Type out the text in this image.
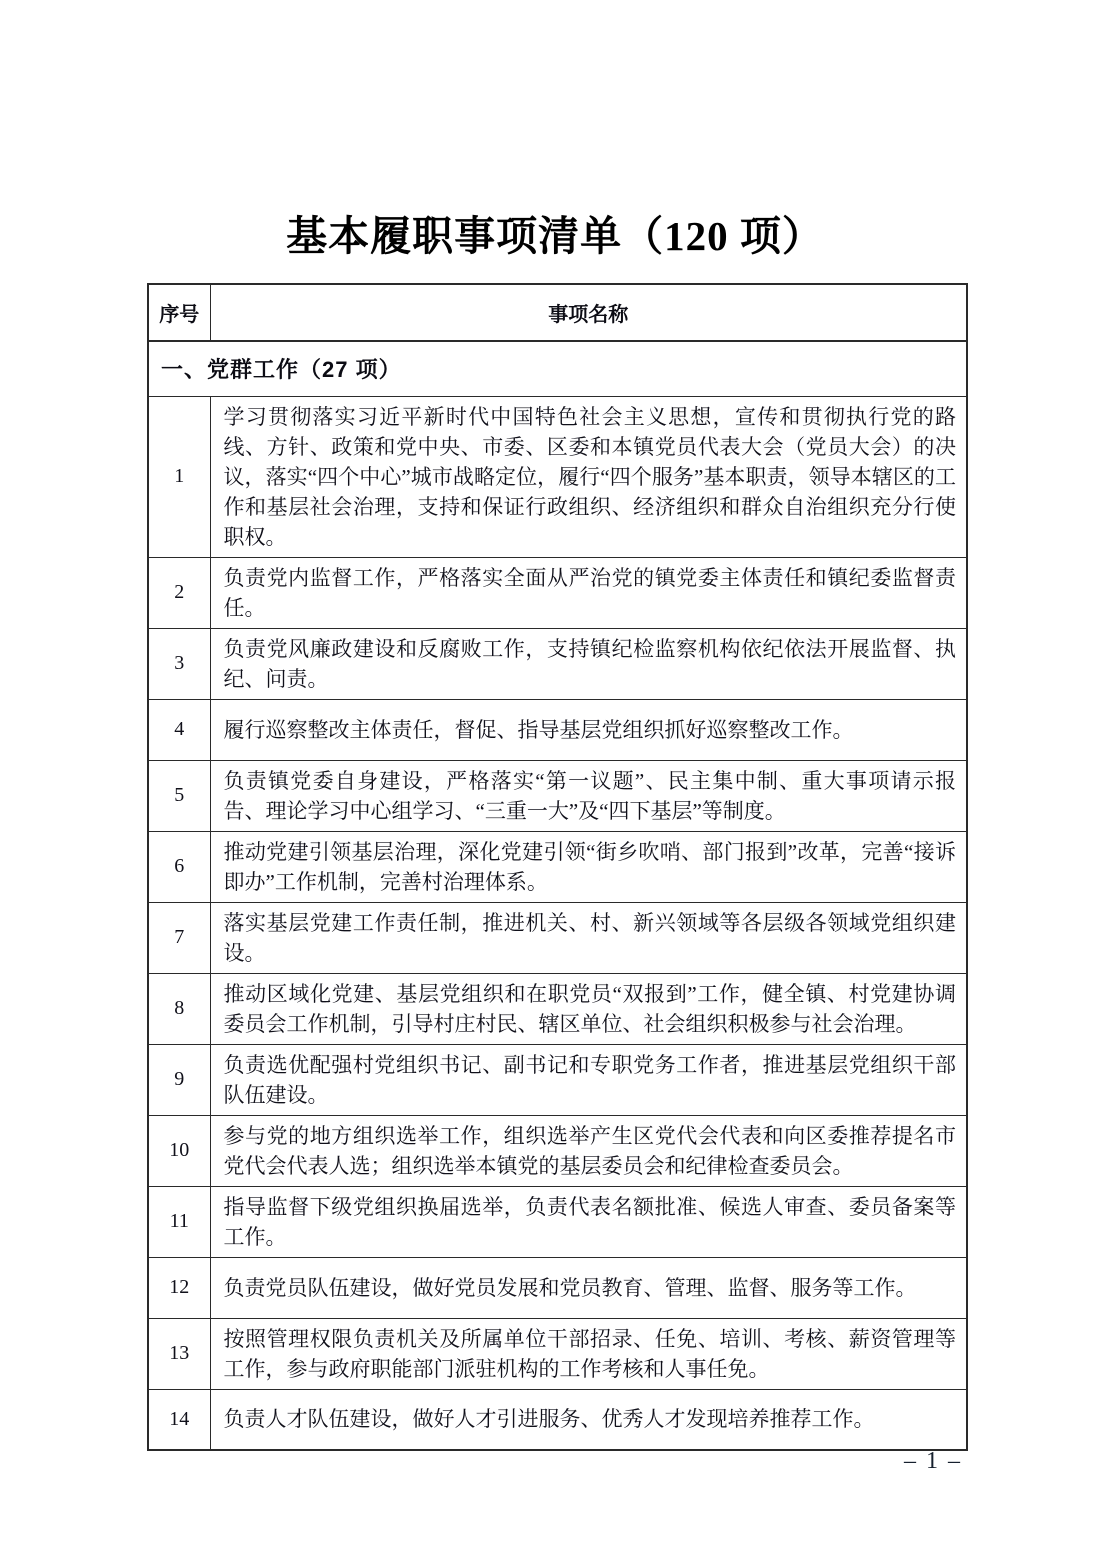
基本履职事项清单（120 项）
序号	事项名称
一、党群工作（27 项）	
1	学习贯彻落实习近平新时代中国特色社会主义思想，宣传和贯彻执行党的路线、方针、政策和党中央、市委、区委和本镇党员代表大会（党员大会）的决议，落实“四个中心”城市战略定位，履行“四个服务”基本职责，领导本辖区的工作和基层社会治理，支持和保证行政组织、经济组织和群众自治组织充分行使职权。
2	负责党内监督工作，严格落实全面从严治党的镇党委主体责任和镇纪委监督责任。
3	负责党风廉政建设和反腐败工作，支持镇纪检监察机构依纪依法开展监督、执纪、问责。
4	履行巡察整改主体责任，督促、指导基层党组织抓好巡察整改工作。
5	负责镇党委自身建设，严格落实“第一议题”、民主集中制、重大事项请示报告、理论学习中心组学习、“三重一大”及“四下基层”等制度。
6	推动党建引领基层治理，深化党建引领“街乡吹哨、部门报到”改革，完善“接诉即办”工作机制，完善村治理体系。
7	落实基层党建工作责任制，推进机关、村、新兴领域等各层级各领域党组织建设。
8	推动区域化党建、基层党组织和在职党员“双报到”工作，健全镇、村党建协调委员会工作机制，引导村庄村民、辖区单位、社会组织积极参与社会治理。
9	负责选优配强村党组织书记、副书记和专职党务工作者，推进基层党组织干部队伍建设。
10	参与党的地方组织选举工作，组织选举产生区党代会代表和向区委推荐提名市党代会代表人选；组织选举本镇党的基层委员会和纪律检查委员会。
11	指导监督下级党组织换届选举，负责代表名额批准、候选人审查、委员备案等工作。
12	负责党员队伍建设，做好党员发展和党员教育、管理、监督、服务等工作。
13	按照管理权限负责机关及所属单位干部招录、任免、培训、考核、薪资管理等工作，参与政府职能部门派驻机构的工作考核和人事任免。
14	负责人才队伍建设，做好人才引进服务、优秀人才发现培养推荐工作。
– 1 –
